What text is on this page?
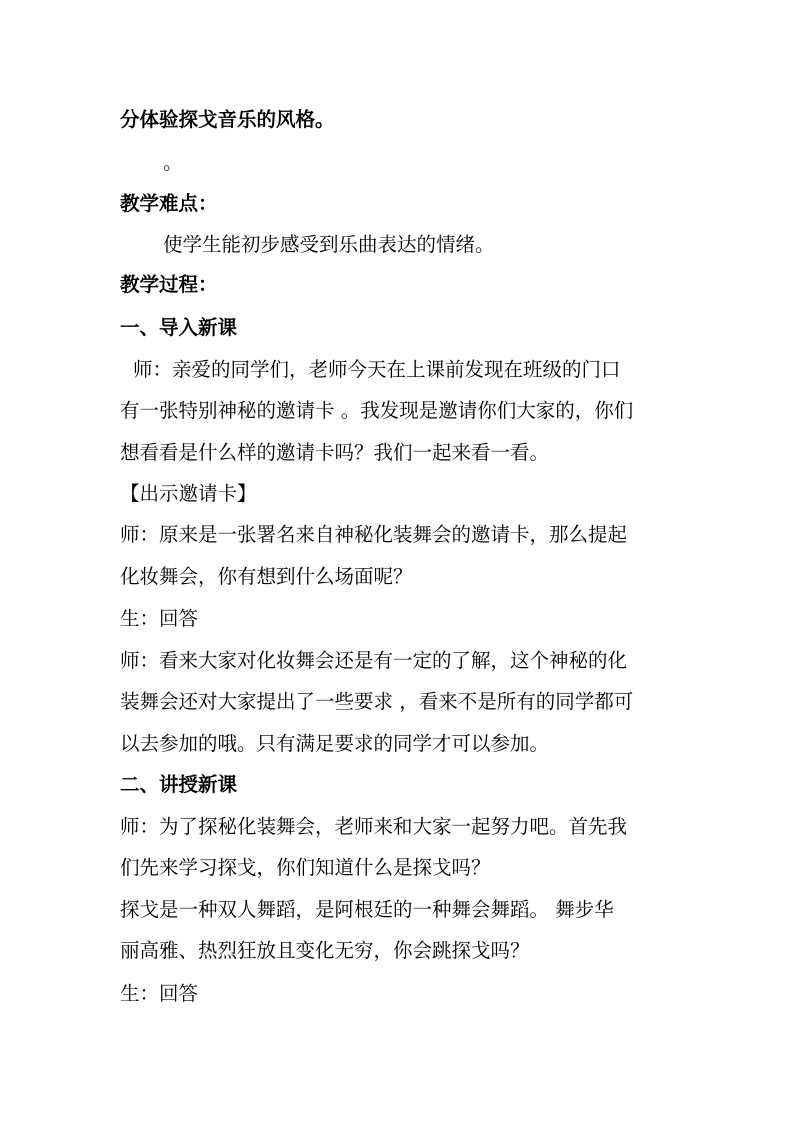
分体验探戈音乐的风格。
。
教学难点：
使学生能初步感受到乐曲表达的情绪。
教学过程：
一、导入新课
师：亲爱的同学们，老师今天在上课前发现在班级的门口
有一张特别神秘的邀请卡 。我发现是邀请你们大家的，你们
想看看是什么样的邀请卡吗？我们一起来看一看。
【出示邀请卡】
师：原来是一张署名来自神秘化装舞会的邀请卡，那么提起
化妆舞会，你有想到什么场面呢？
生：回答
师：看来大家对化妆舞会还是有一定的了解，这个神秘的化
装舞会还对大家提出了一些要求 ，看来不是所有的同学都可
以去参加的哦。只有满足要求的同学才可以参加。
二、讲授新课
师：为了探秘化装舞会，老师来和大家一起努力吧。首先我
们先来学习探戈，你们知道什么是探戈吗？
探戈是一种双人舞蹈，是阿根廷的一种舞会舞蹈。 舞步华
丽高雅、热烈狂放且变化无穷，你会跳探戈吗？
生：回答
